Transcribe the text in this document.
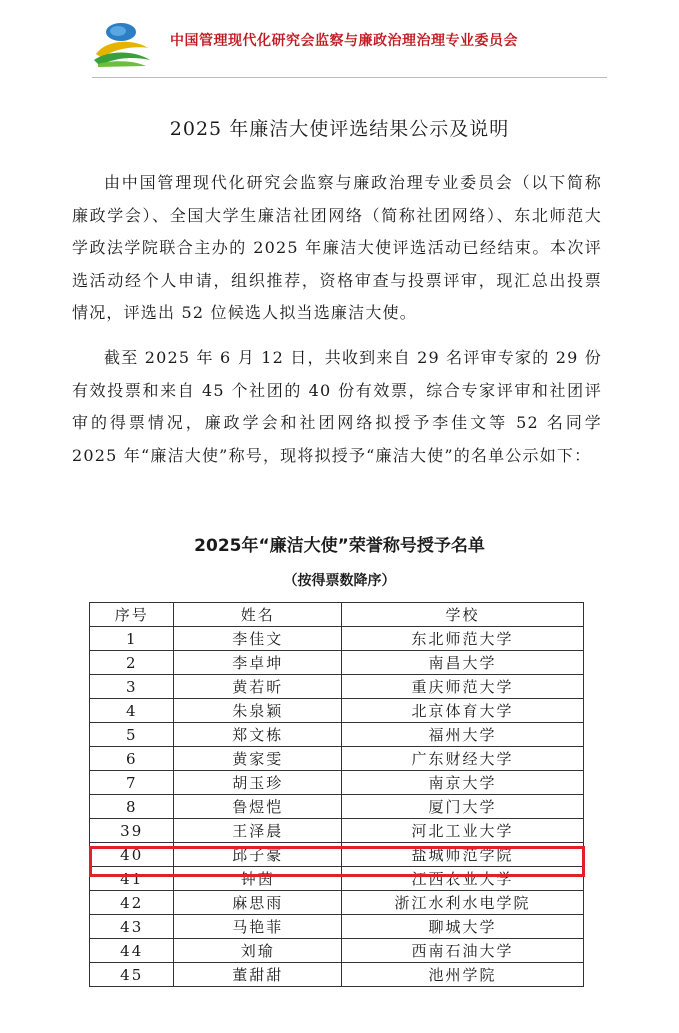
中国管理现代化研究会监察与廉政治理治理专业委员会
2025 年廉洁大使评选结果公示及说明

由中国管理现代化研究会监察与廉政治理专业委员会（以下简称廉政学会）、全国大学生廉洁社团网络（简称社团网络）、东北师范大学政法学院联合主办的 2025 年廉洁大使评选活动已经结束。本次评选活动经个人申请，组织推荐，资格审查与投票评审，现汇总出投票情况，评选出 52 位候选人拟当选廉洁大使。

截至 2025 年 6 月 12 日，共收到来自 29 名评审专家的 29 份有效投票和来自 45 个社团的 40 份有效票，综合专家评审和社团评审的得票情况，廉政学会和社团网络拟授予李佳文等 52 名同学 2025 年“廉洁大使”称号，现将拟授予“廉洁大使”的名单公示如下：

2025年“廉洁大使”荣誉称号授予名单
（按得票数降序）
序号	姓名	学校
1	李佳文	东北师范大学
2	李卓坤	南昌大学
3	黄若昕	重庆师范大学
4	朱泉颖	北京体育大学
5	郑文栋	福州大学
6	黄家雯	广东财经大学
7	胡玉珍	南京大学
8	鲁煜恺	厦门大学
39	王泽晨	河北工业大学
40	邱子豪	盐城师范学院
41	钟茵	江西农业大学
42	麻思雨	浙江水利水电学院
43	马艳菲	聊城大学
44	刘瑜	西南石油大学
45	董甜甜	池州学院
